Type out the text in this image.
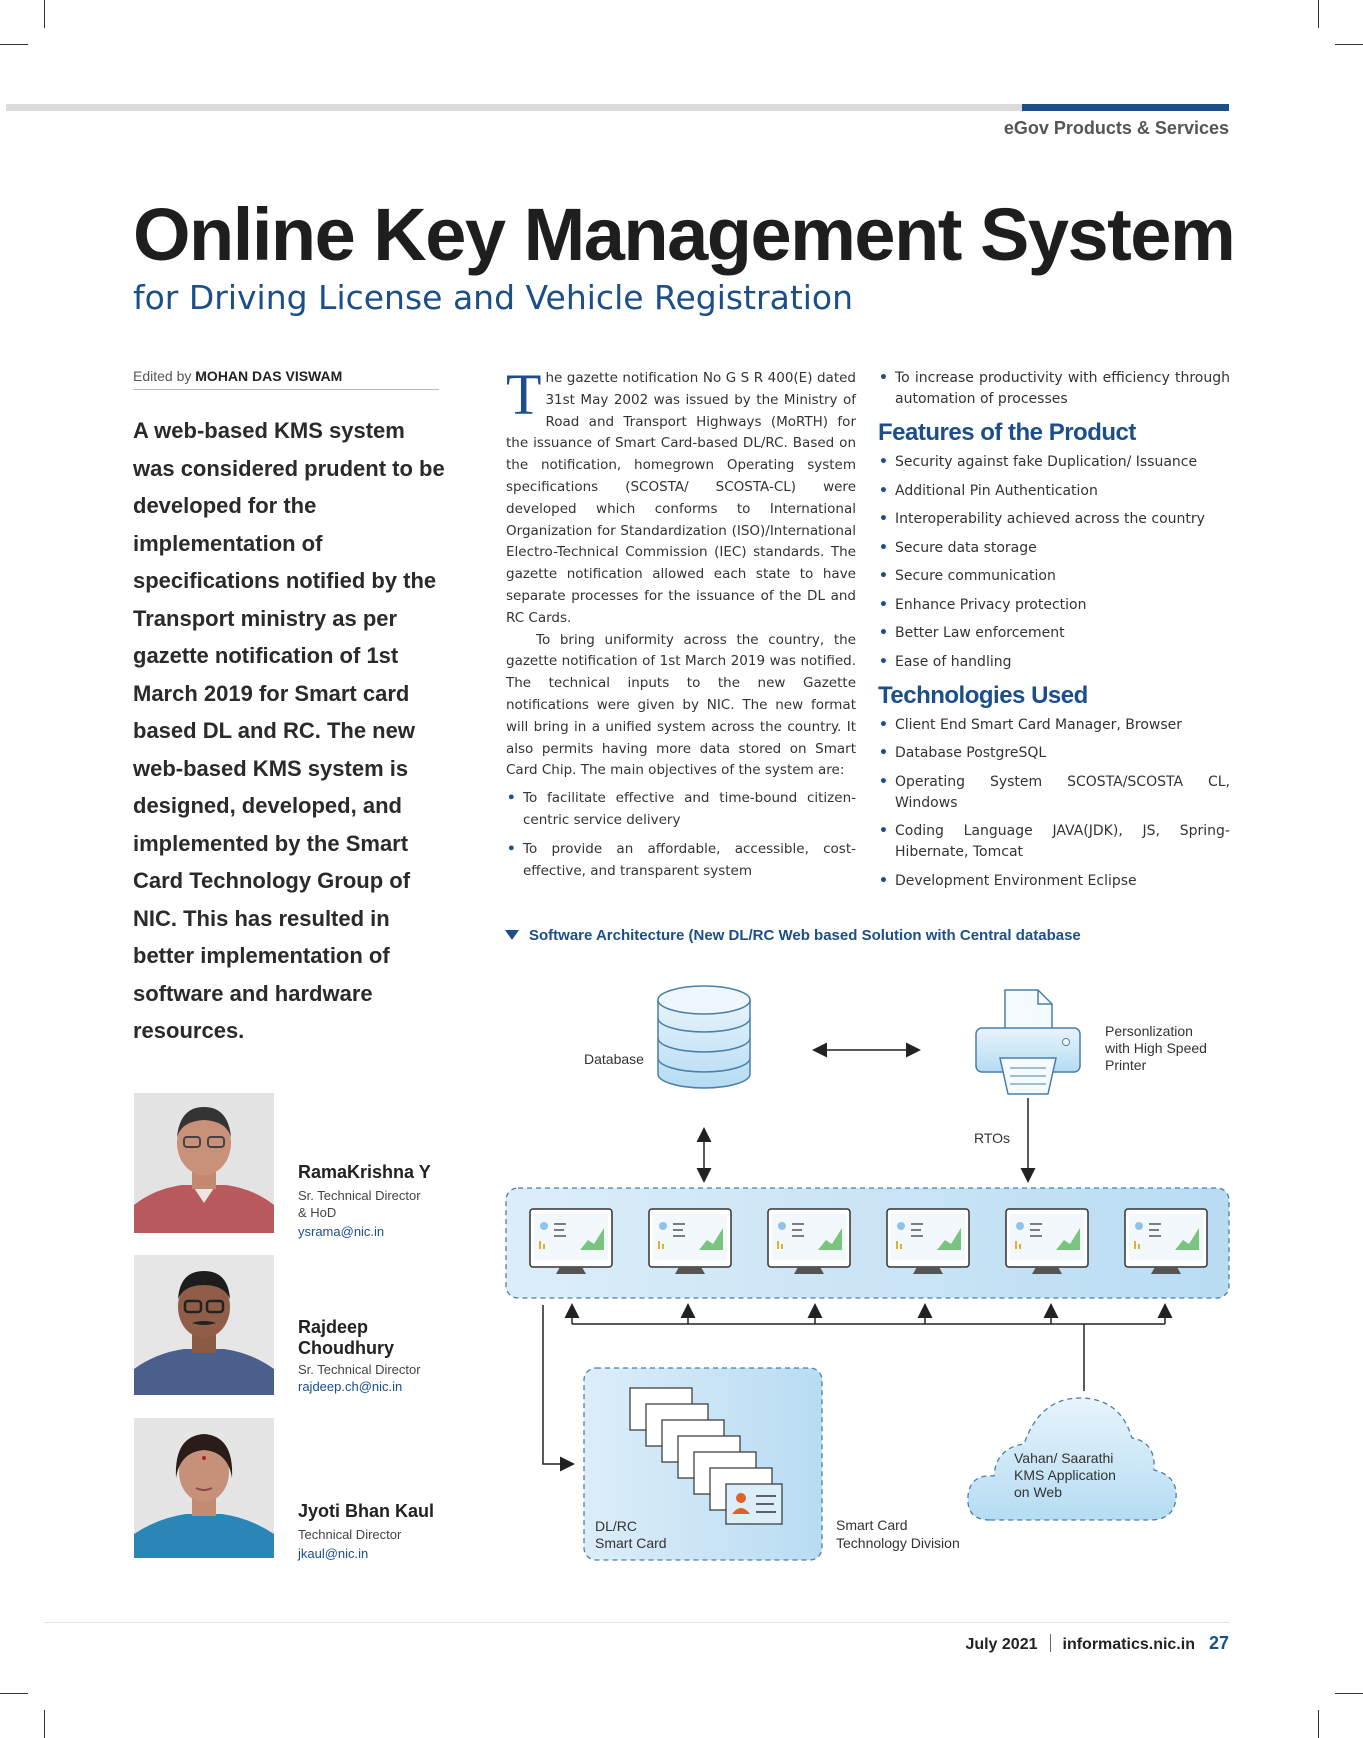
eGov Products & Services
Online Key Management System
for Driving License and Vehicle Registration
Edited by MOHAN DAS VISWAM
A web-based KMS system was considered prudent to be developed for the implementation of specifications notified by the Transport ministry as per gazette notification of 1st March 2019 for Smart card based DL and RC. The new web-based KMS system is designed, developed, and implemented by the Smart Card Technology Group of NIC. This has resulted in better implementation of software and hardware resources.

The gazette notification No G S R 400(E) dated 31st May 2002 was issued by the Ministry of Road and Transport Highways (MoRTH) for the issuance of Smart Card-based DL/RC. Based on the notification, homegrown Operating system specifications (SCOSTA/ SCOSTA-CL) were developed which conforms to International Organization for Standardization (ISO)/International Electro-Technical Commission (IEC) standards. The gazette notification allowed each state to have separate processes for the issuance of the DL and RC Cards.

To bring uniformity across the country, the gazette notification of 1st March 2019 was notified. The technical inputs to the new Gazette notifications were given by NIC. The new format will bring in a unified system across the country. It also permits having more data stored on Smart Card Chip. The main objectives of the system are:

• To facilitate effective and time-bound citizen-centric service delivery
• To provide an affordable, accessible, cost-effective, and transparent system
• To increase productivity with efficiency through automation of processes
Features of the Product
• Security against fake Duplication/ Issuance
• Additional Pin Authentication
• Interoperability achieved across the country
• Secure data storage
• Secure communication
• Enhance Privacy protection
• Better Law enforcement
• Ease of handling
Technologies Used
• Client End Smart Card Manager, Browser
• Database PostgreSQL
• Operating System SCOSTA/SCOSTA CL, Windows
• Coding Language JAVA(JDK), JS, Spring-Hibernate, Tomcat
• Development Environment Eclipse
Software Architecture (New DL/RC Web based Solution with Central database
RamaKrishna Y
Sr. Technical Director
& HoD
ysrama@nic.in
Rajdeep
Choudhury
Sr. Technical Director
rajdeep.ch@nic.in
Jyoti Bhan Kaul
Technical Director
jkaul@nic.in
Database
Personlization
with High Speed
Printer
RTOs
DL/RC
Smart Card
Smart Card
Technology Division
Vahan/ Saarathi
KMS Application
on Web
July 2021 informatics.nic.in 27
